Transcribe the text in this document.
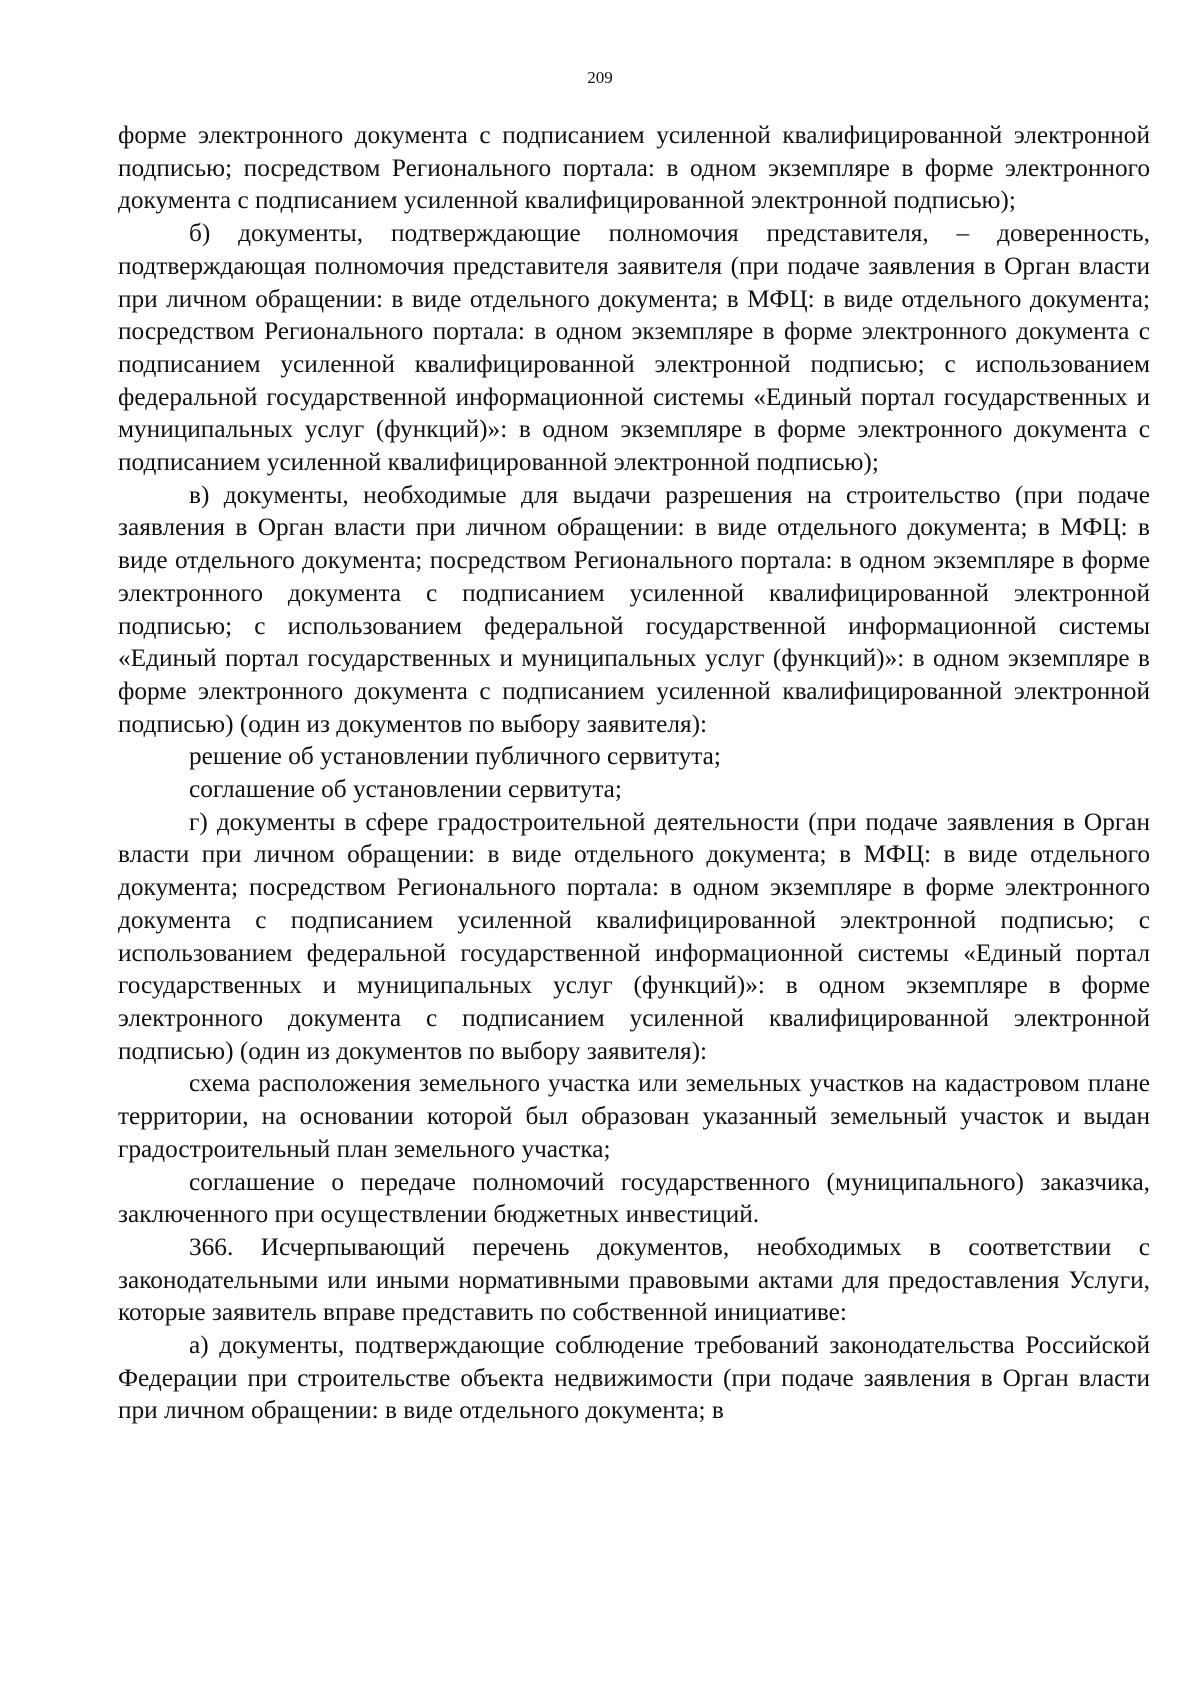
209

форме электронного документа с подписанием усиленной квалифицированной электронной подписью; посредством Регионального портала: в одном экземпляре в форме электронного документа с подписанием усиленной квалифицированной электронной подписью);

б) документы, подтверждающие полномочия представителя, – доверенность, подтверждающая полномочия представителя заявителя (при подаче заявления в Орган власти при личном обращении: в виде отдельного документа; в МФЦ: в виде отдельного документа; посредством Регионального портала: в одном экземпляре в форме электронного документа с подписанием усиленной квалифицированной электронной подписью; с использованием федеральной государственной информационной системы «Единый портал государственных и муниципальных услуг (функций)»: в одном экземпляре в форме электронного документа с подписанием усиленной квалифицированной электронной подписью);

в) документы, необходимые для выдачи разрешения на строительство (при подаче заявления в Орган власти при личном обращении: в виде отдельного документа; в МФЦ: в виде отдельного документа; посредством Регионального портала: в одном экземпляре в форме электронного документа с подписанием усиленной квалифицированной электронной подписью; с использованием федеральной государственной информационной системы «Единый портал государственных и муниципальных услуг (функций)»: в одном экземпляре в форме электронного документа с подписанием усиленной квалифицированной электронной подписью) (один из документов по выбору заявителя):

решение об установлении публичного сервитута;

соглашение об установлении сервитута;

г) документы в сфере градостроительной деятельности (при подаче заявления в Орган власти при личном обращении: в виде отдельного документа; в МФЦ: в виде отдельного документа; посредством Регионального портала: в одном экземпляре в форме электронного документа с подписанием усиленной квалифицированной электронной подписью; с использованием федеральной государственной информационной системы «Единый портал государственных и муниципальных услуг (функций)»: в одном экземпляре в форме электронного документа с подписанием усиленной квалифицированной электронной подписью) (один из документов по выбору заявителя):

схема расположения земельного участка или земельных участков на кадастровом плане территории, на основании которой был образован указанный земельный участок и выдан градостроительный план земельного участка;

соглашение о передаче полномочий государственного (муниципального) заказчика, заключенного при осуществлении бюджетных инвестиций.

366. Исчерпывающий перечень документов, необходимых в соответствии с законодательными или иными нормативными правовыми актами для предоставления Услуги, которые заявитель вправе представить по собственной инициативе:

а) документы, подтверждающие соблюдение требований законодательства Российской Федерации при строительстве объекта недвижимости (при подаче заявления в Орган власти при личном обращении: в виде отдельного документа; в
